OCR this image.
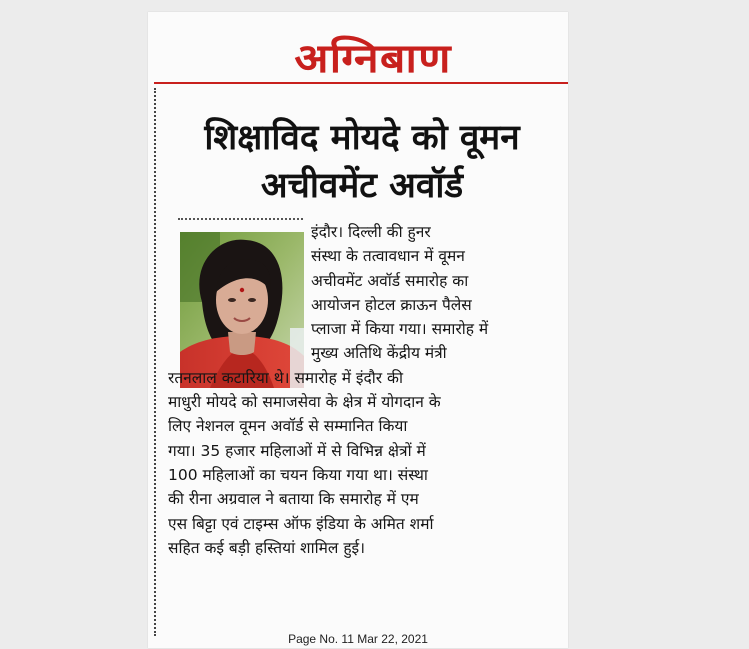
अग्निबाण
शिक्षाविद मोयदे को वूमन
अचीवमेंट अवॉर्ड
इंदौर। दिल्ली की हुनर
संस्था के तत्वावधान में वूमन
अचीवमेंट अवॉर्ड समारोह का
आयोजन होटल क्राऊन पैलेस
प्लाजा में किया गया। समारोह में
मुख्य अतिथि केंद्रीय मंत्री
रतनलाल कटारिया थे। समारोह में इंदौर की
माधुरी मोयदे को समाजसेवा के क्षेत्र में योगदान के
लिए नेशनल वूमन अवॉर्ड से सम्मानित किया
गया। 35 हजार महिलाओं में से विभिन्न क्षेत्रों में
100 महिलाओं का चयन किया गया था। संस्था
की रीना अग्रवाल ने बताया कि समारोह में एम
एस बिट्टा एवं टाइम्स ऑफ इंडिया के अमित शर्मा
सहित कई बड़ी हस्तियां शामिल हुई।
Page No. 11 Mar 22, 2021
